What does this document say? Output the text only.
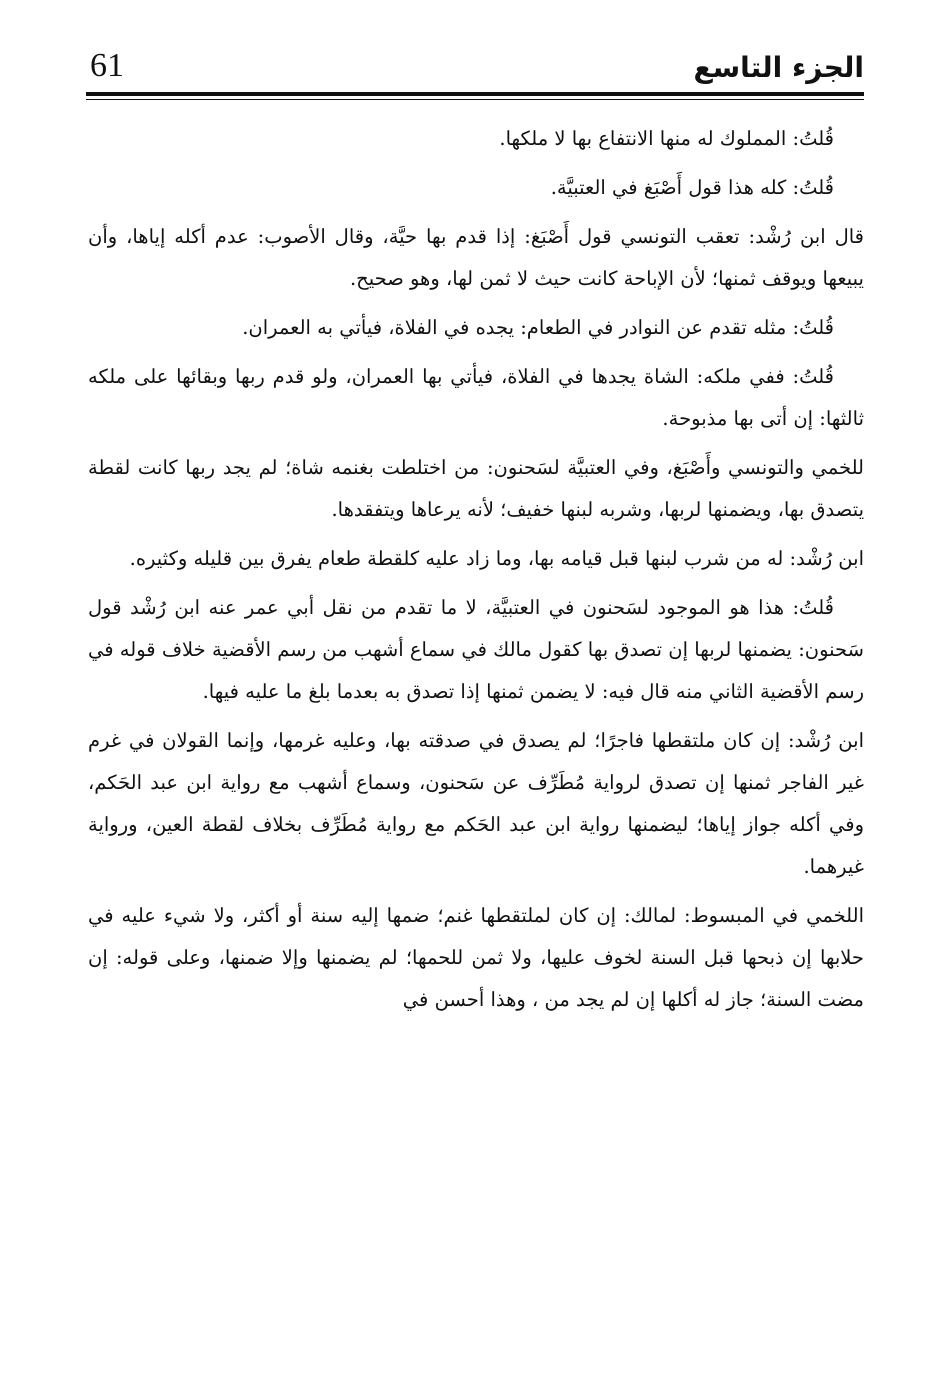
61	الجزء التاسع

قُلتُ: المملوك له منها الانتفاع بها لا ملكها.

قُلتُ: كله هذا قول أَصْبَغ في العتبيَّة.

قال ابن رُشْد: تعقب التونسي قول أَصْبَغ: إذا قدم بها حيَّة، وقال الأصوب: عدم أكله إياها، وأن يبيعها ويوقف ثمنها؛ لأن الإباحة كانت حيث لا ثمن لها، وهو صحيح.

قُلتُ: مثله تقدم عن النوادر في الطعام: يجده في الفلاة، فيأتي به العمران.

قُلتُ: ففي ملكه: الشاة يجدها في الفلاة، فيأتي بها العمران، ولو قدم ربها وبقائها على ملكه ثالثها: إن أتى بها مذبوحة.

للخمي والتونسي وأَصْبَغ، وفي العتبيَّة لسَحنون: من اختلطت بغنمه شاة؛ لم يجد ربها كانت لقطة يتصدق بها، ويضمنها لربها، وشربه لبنها خفيف؛ لأنه يرعاها ويتفقدها.

ابن رُشْد: له من شرب لبنها قبل قيامه بها، وما زاد عليه كلقطة طعام يفرق بين قليله وكثيره.

قُلتُ: هذا هو الموجود لسَحنون في العتبيَّة، لا ما تقدم من نقل أبي عمر عنه ابن رُشْد قول سَحنون: يضمنها لربها إن تصدق بها كقول مالك في سماع أشهب من رسم الأقضية خلاف قوله في رسم الأقضية الثاني منه قال فيه: لا يضمن ثمنها إذا تصدق به بعدما بلغ ما عليه فيها.

ابن رُشْد: إن كان ملتقطها فاجرًا؛ لم يصدق في صدقته بها، وعليه غرمها، وإنما القولان في غرم غير الفاجر ثمنها إن تصدق لرواية مُطَرِّف عن سَحنون، وسماع أشهب مع رواية ابن عبد الحَكم، وفي أكله جواز إياها؛ ليضمنها رواية ابن عبد الحَكم مع رواية مُطَرِّف بخلاف لقطة العين، ورواية غيرهما.

اللخمي في المبسوط: لمالك: إن كان لملتقطها غنم؛ ضمها إليه سنة أو أكثر، ولا شيء عليه في حلابها إن ذبحها قبل السنة لخوف عليها، ولا ثمن للحمها؛ لم يضمنها وإلا ضمنها، وعلى قوله: إن مضت السنة؛ جاز له أكلها إن لم يجد من ، وهذا أحسن في
